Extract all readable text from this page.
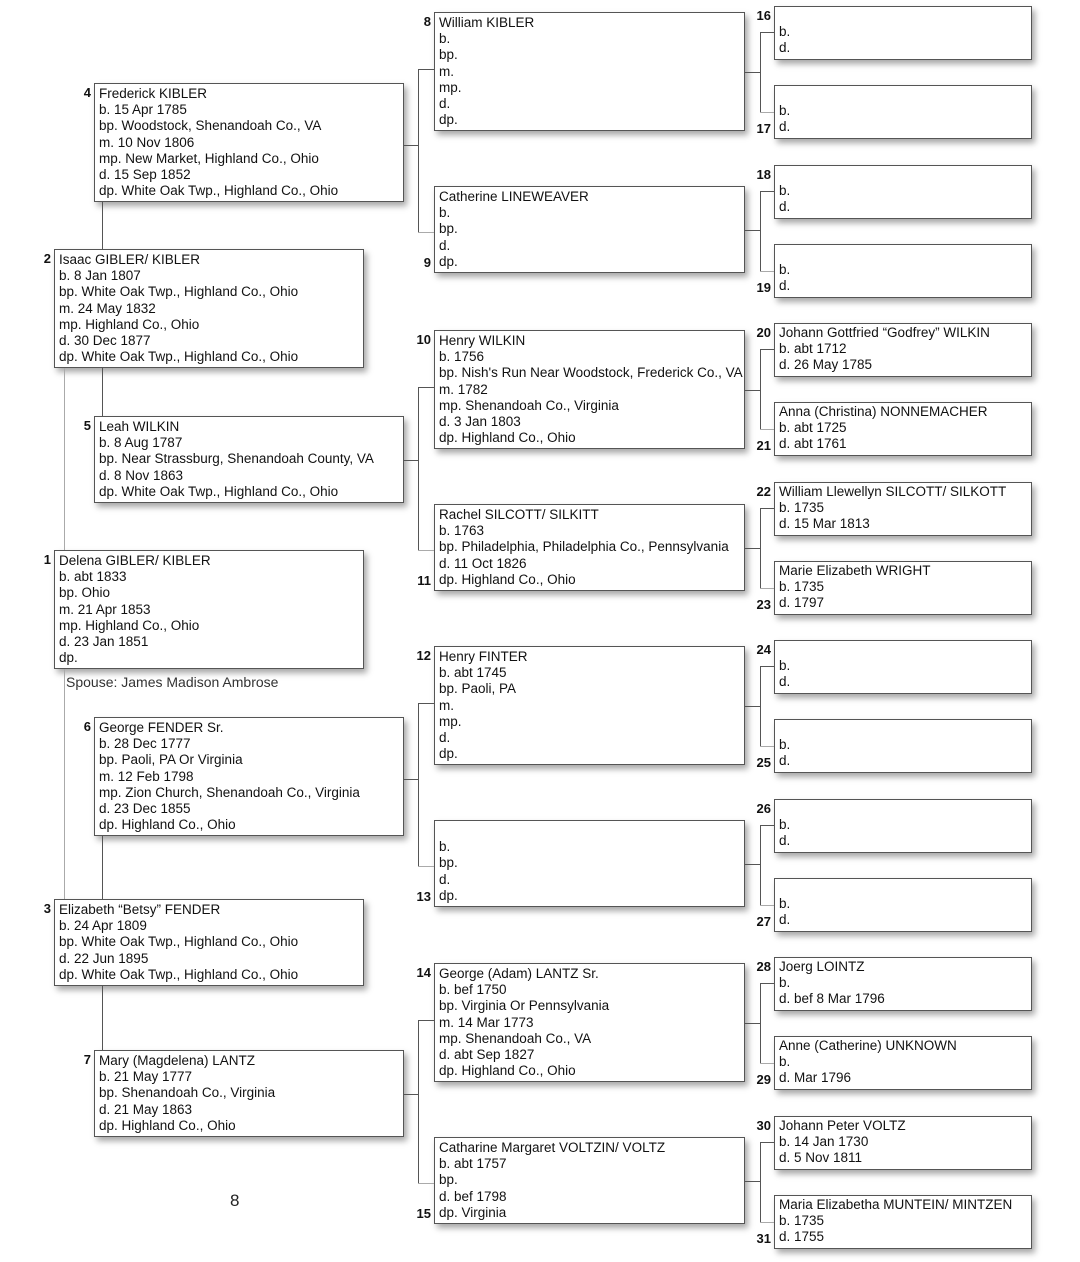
Delena GIBLER/ KIBLER
b. abt 1833
bp. Ohio
m. 21 Apr 1853
mp. Highland Co., Ohio
d. 23 Jan 1851
dp.
1
Isaac GIBLER/ KIBLER
b. 8 Jan 1807
bp. White Oak Twp., Highland Co., Ohio
m. 24 May 1832
mp. Highland Co., Ohio
d. 30 Dec 1877
dp. White Oak Twp., Highland Co., Ohio
2
Elizabeth “Betsy” FENDER
b. 24 Apr 1809
bp. White Oak Twp., Highland Co., Ohio
d. 22 Jun 1895
dp. White Oak Twp., Highland Co., Ohio
3
Frederick KIBLER
b. 15 Apr 1785
bp. Woodstock, Shenandoah Co., VA
m. 10 Nov 1806
mp. New Market, Highland Co., Ohio
d. 15 Sep 1852
dp. White Oak Twp., Highland Co., Ohio
4
Leah WILKIN
b. 8 Aug 1787
bp. Near Strassburg, Shenandoah County, VA
d. 8 Nov 1863
dp. White Oak Twp., Highland Co., Ohio
5
George FENDER Sr.
b. 28 Dec 1777
bp. Paoli, PA Or Virginia
m. 12 Feb 1798
mp. Zion Church, Shenandoah Co., Virginia
d. 23 Dec 1855
dp. Highland Co., Ohio
6
Mary (Magdelena) LANTZ
b. 21 May 1777
bp. Shenandoah Co., Virginia
d. 21 May 1863
dp. Highland Co., Ohio
7
William KIBLER
b.
bp.
m.
mp.
d.
dp.
8
Catherine LINEWEAVER
b.
bp.
d.
dp.
9
Henry WILKIN
b. 1756
bp. Nish's Run Near Woodstock, Frederick Co., VA
m. 1782
mp. Shenandoah Co., Virginia
d. 3 Jan 1803
dp. Highland Co., Ohio
10
Rachel SILCOTT/ SILKITT
b. 1763
bp. Philadelphia, Philadelphia Co., Pennsylvania
d. 11 Oct 1826
dp. Highland Co., Ohio
11
Henry FINTER
b. abt 1745
bp. Paoli, PA
m.
mp.
d.
dp.
12

b.
bp.
d.
dp.
13
George (Adam) LANTZ Sr.
b. bef 1750
bp. Virginia Or Pennsylvania
m. 14 Mar 1773
mp. Shenandoah Co., VA
d. abt Sep 1827
dp. Highland Co., Ohio
14
Catharine Margaret VOLTZIN/ VOLTZ
b. abt 1757
bp.
d. bef 1798
dp. Virginia
15

b.
d.
16

b.
d.
17

b.
d.
18

b.
d.
19
Johann Gottfried “Godfrey” WILKIN
b. abt 1712
d. 26 May 1785
20
Anna (Christina) NONNEMACHER
b. abt 1725
d. abt 1761
21
William Llewellyn SILCOTT/ SILKOTT
b. 1735
d. 15 Mar 1813
22
Marie Elizabeth WRIGHT
b. 1735
d. 1797
23

b.
d.
24

b.
d.
25

b.
d.
26

b.
d.
27
Joerg LOINTZ
b.
d. bef 8 Mar 1796
28
Anne (Catherine) UNKNOWN
b.
d. Mar 1796
29
Johann Peter VOLTZ
b. 14 Jan 1730
d. 5 Nov 1811
30
Maria Elizabetha MUNTEIN/ MINTZEN
b. 1735
d. 1755
31
Spouse: James Madison Ambrose
8
